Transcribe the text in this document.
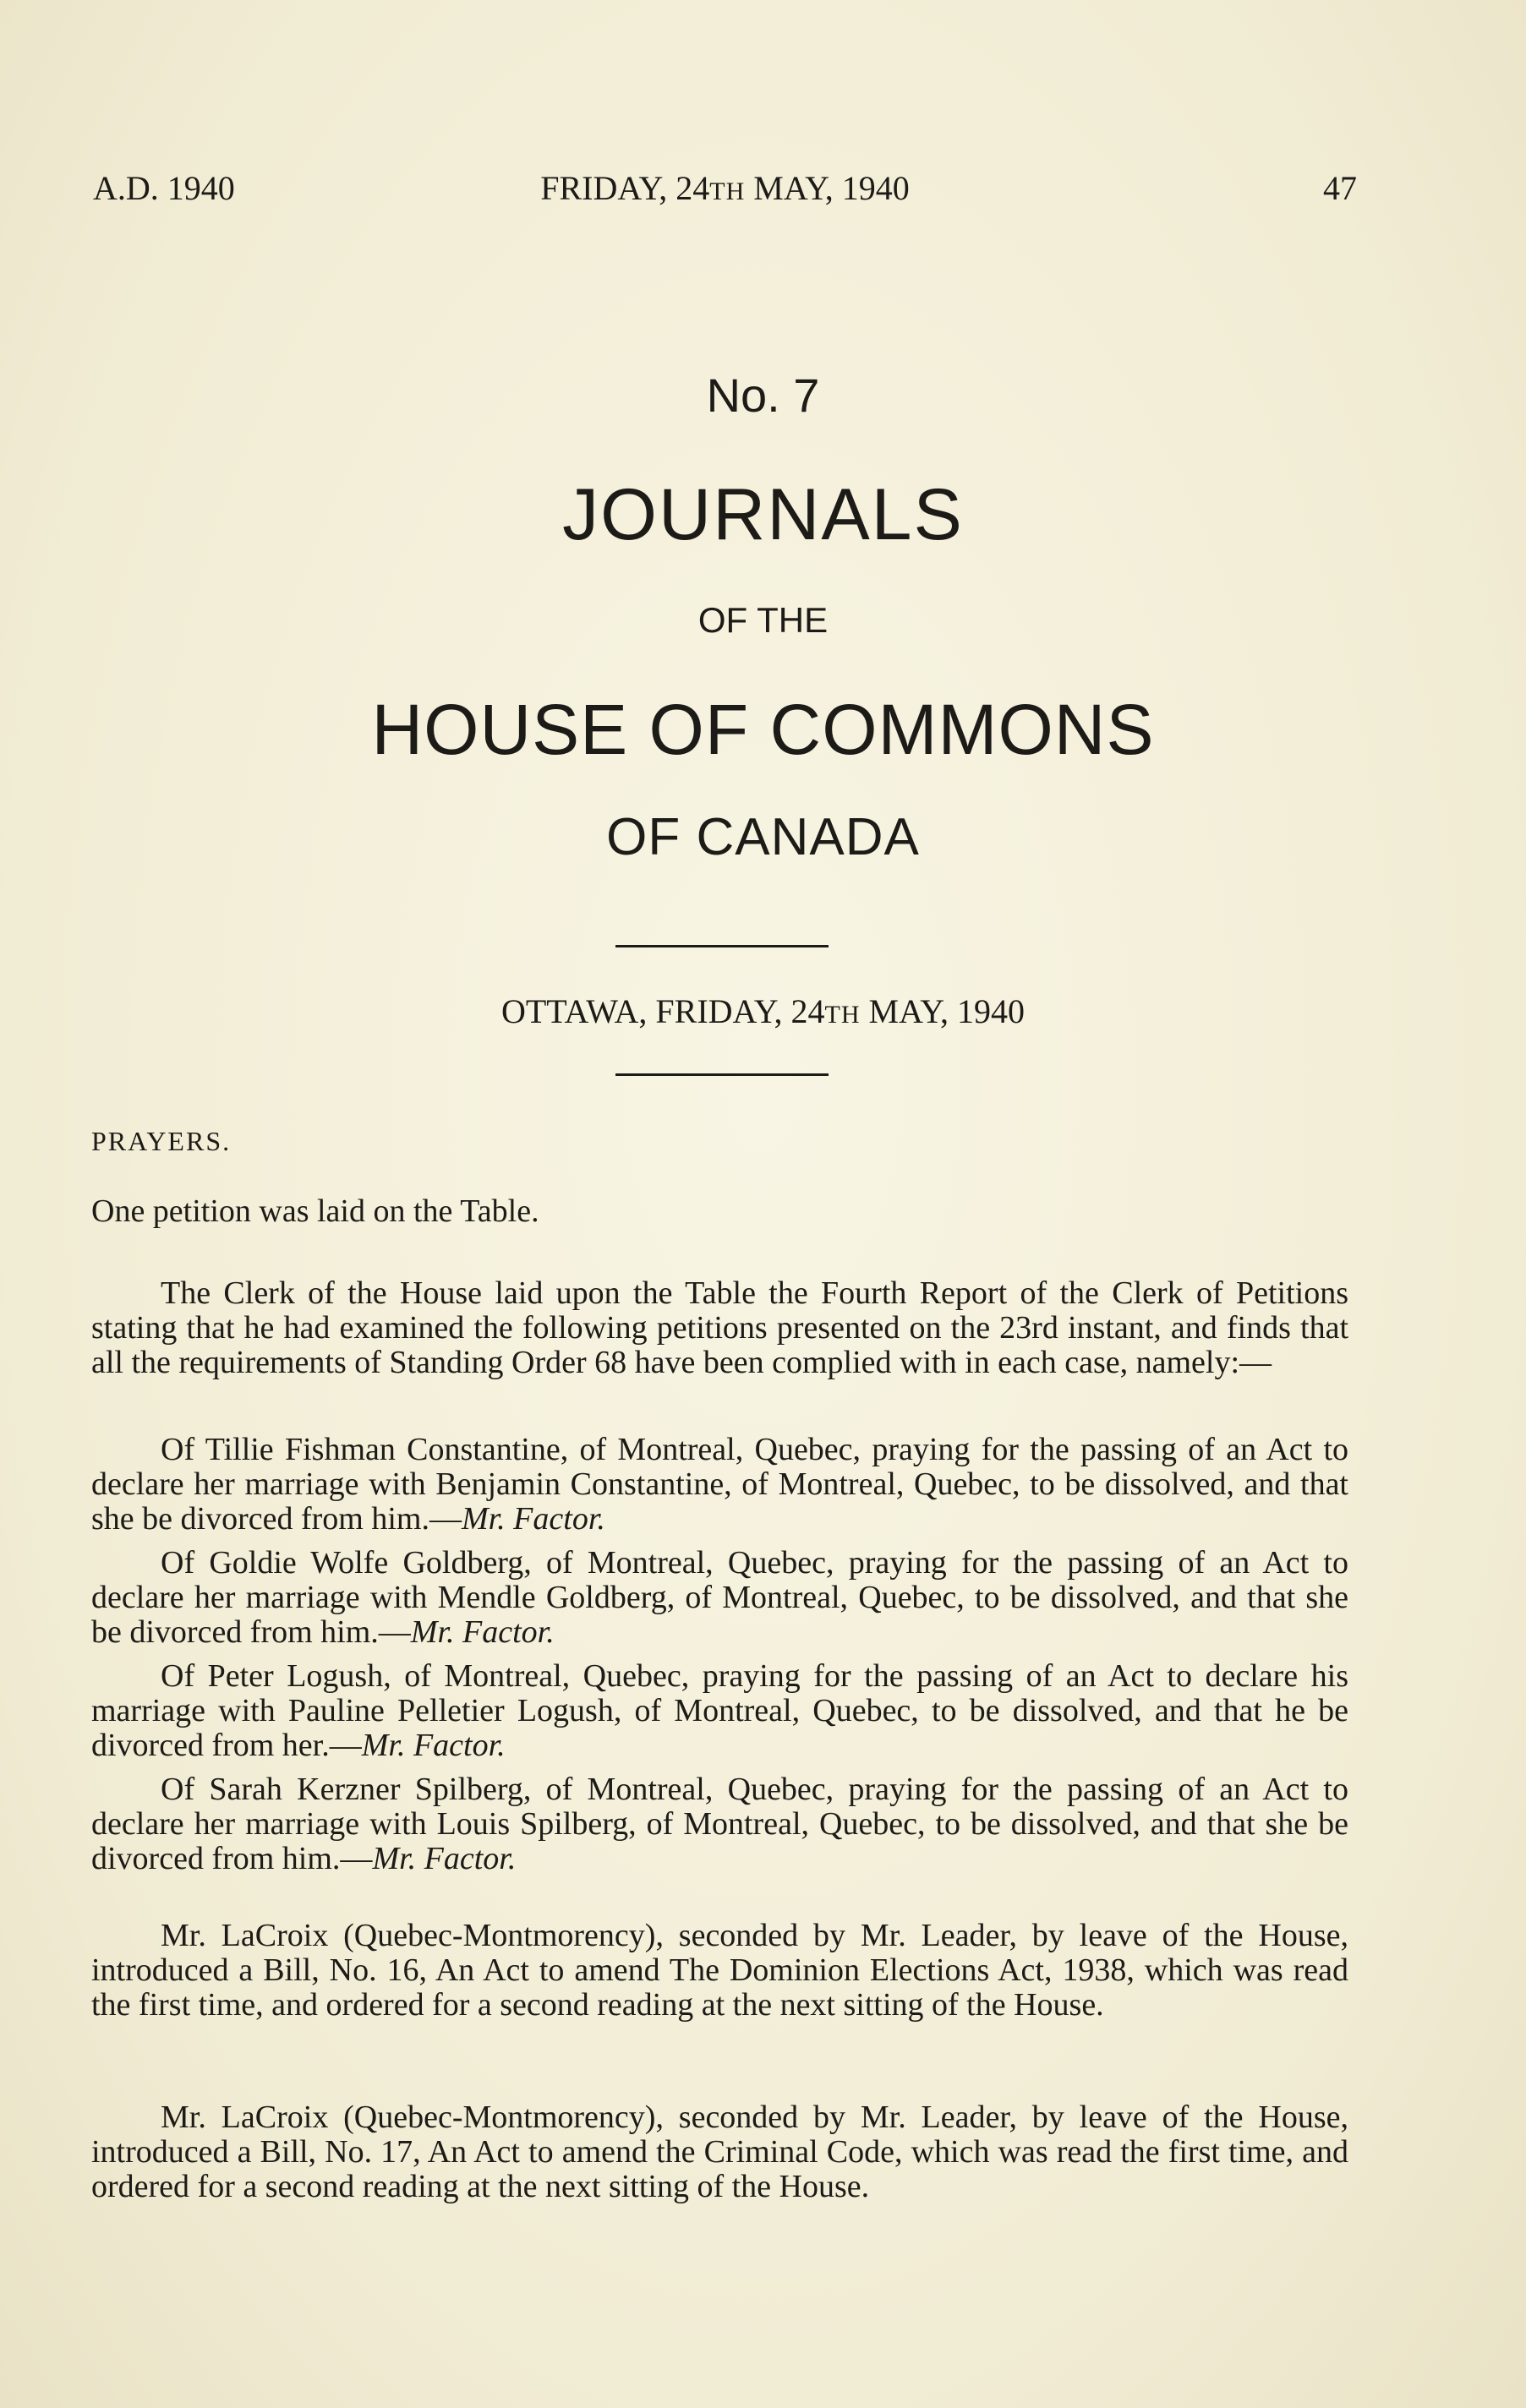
A.D. 1940	FRIDAY, 24TH MAY, 1940	47
No. 7
JOURNALS
OF THE
HOUSE OF COMMONS
OF CANADA
OTTAWA, FRIDAY, 24TH MAY, 1940

PRAYERS.

One petition was laid on the Table.

The Clerk of the House laid upon the Table the Fourth Report of the Clerk of Petitions stating that he had examined the following petitions presented on the 23rd instant, and finds that all the requirements of Standing Order 68 have been complied with in each case, namely:—

Of Tillie Fishman Constantine, of Montreal, Quebec, praying for the passing of an Act to declare her marriage with Benjamin Constantine, of Montreal, Quebec, to be dissolved, and that she be divorced from him.—Mr. Factor.

Of Goldie Wolfe Goldberg, of Montreal, Quebec, praying for the passing of an Act to declare her marriage with Mendle Goldberg, of Montreal, Quebec, to be dissolved, and that she be divorced from him.—Mr. Factor.

Of Peter Logush, of Montreal, Quebec, praying for the passing of an Act to declare his marriage with Pauline Pelletier Logush, of Montreal, Quebec, to be dissolved, and that he be divorced from her.—Mr. Factor.

Of Sarah Kerzner Spilberg, of Montreal, Quebec, praying for the passing of an Act to declare her marriage with Louis Spilberg, of Montreal, Quebec, to be dissolved, and that she be divorced from him.—Mr. Factor.

Mr. LaCroix (Quebec-Montmorency), seconded by Mr. Leader, by leave of the House, introduced a Bill, No. 16, An Act to amend The Dominion Elections Act, 1938, which was read the first time, and ordered for a second reading at the next sitting of the House.

Mr. LaCroix (Quebec-Montmorency), seconded by Mr. Leader, by leave of the House, introduced a Bill, No. 17, An Act to amend the Criminal Code, which was read the first time, and ordered for a second reading at the next sitting of the House.
